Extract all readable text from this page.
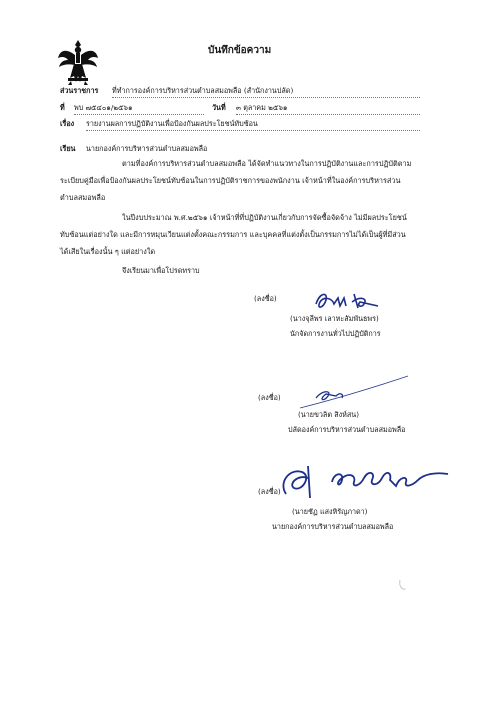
บันทึกข้อความ
ส่วนราชการ ที่ทำการองค์การบริหารส่วนตำบลสมอพลือ (สำนักงานปลัด)
ที่ พบ ๗๕๔๐๑/๒๕๖๑	วันที่ ๓ ตุลาคม ๒๕๖๑
เรื่อง รายงานผลการปฏิบัติงานเพื่อป้องกันผลประโยชน์ทับซ้อน
เรียน นายกองค์การบริหารส่วนตำบลสมอพลือ
ตามที่องค์การบริหารส่วนตำบลสมอพลือ ได้จัดทำแนวทางในการปฏิบัติงานและการปฏิบัติตาม
ระเบียบคู่มือเพื่อป้องกันผลประโยชน์ทับซ้อนในการปฏิบัติราชการของพนักงาน เจ้าหน้าที่ในองค์การบริหารส่วน
ตำบลสมอพลือ
ในปีงบประมาณ พ.ศ.๒๕๖๑ เจ้าหน้าที่ที่ปฏิบัติงานเกี่ยวกับการจัดซื้อจัดจ้าง ไม่มีผลประโยชน์
ทับซ้อนแต่อย่างใด และมีการหมุนเวียนแต่งตั้งคณะกรรมการ และบุคคลที่แต่งตั้งเป็นกรรมการไม่ได้เป็นผู้ที่มีส่วน
ได้เสียในเรื่องนั้น ๆ แต่อย่างใด
จึงเรียนมาเพื่อโปรดทราบ
(ลงชื่อ)
(นางจุลีพร เลาหะสัมพันธพร)
นักจัดการงานทั่วไปปฏิบัติการ
(ลงชื่อ)
(นายขวลิต สิงห์สน)
ปลัดองค์การบริหารส่วนตำบลสมอพลือ
(ลงชื่อ)
(นายชัฏ แสงหิรัญภาดา)
นายกองค์การบริหารส่วนตำบลสมอพลือ
